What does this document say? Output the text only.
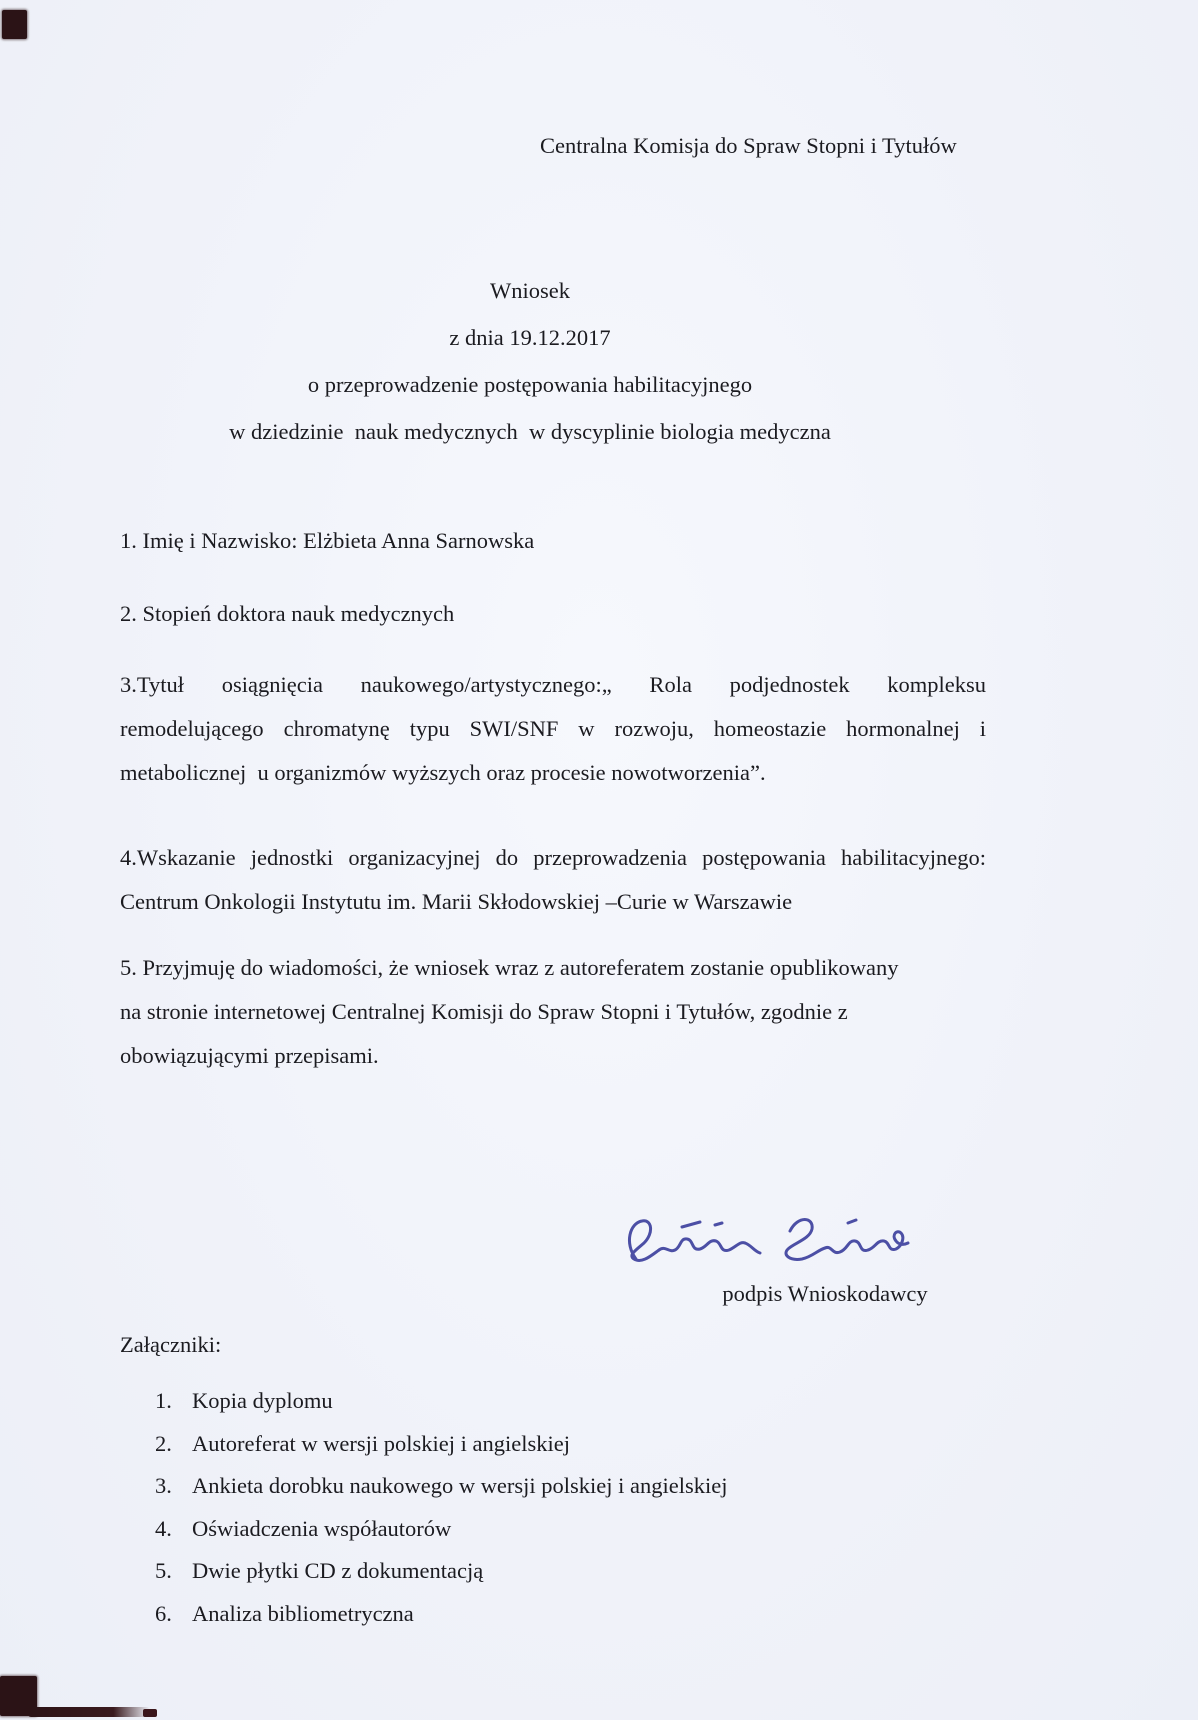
Centralna Komisja do Spraw Stopni i Tytułów
Wniosek
z dnia 19.12.2017
o przeprowadzenie postępowania habilitacyjnego
w dziedzinie  nauk medycznych  w dyscyplinie biologia medyczna
1. Imię i Nazwisko: Elżbieta Anna Sarnowska
2. Stopień doktora nauk medycznych
3.Tytuł osiągnięcia naukowego/artystycznego:„ Rola podjednostek kompleksu
remodelującego chromatynę typu SWI/SNF w rozwoju, homeostazie hormonalnej i
metabolicznej  u organizmów wyższych oraz procesie nowotworzenia”.
4.Wskazanie jednostki organizacyjnej do przeprowadzenia postępowania habilitacyjnego:
Centrum Onkologii Instytutu im. Marii Skłodowskiej –Curie w Warszawie
5. Przyjmuję do wiadomości, że wniosek wraz z autoreferatem zostanie opublikowany
na stronie internetowej Centralnej Komisji do Spraw Stopni i Tytułów, zgodnie z
obowiązującymi przepisami.
podpis Wnioskodawcy
Załączniki:
1. Kopia dyplomu
2. Autoreferat w wersji polskiej i angielskiej
3. Ankieta dorobku naukowego w wersji polskiej i angielskiej
4. Oświadczenia współautorów
5. Dwie płytki CD z dokumentacją
6. Analiza bibliometryczna
